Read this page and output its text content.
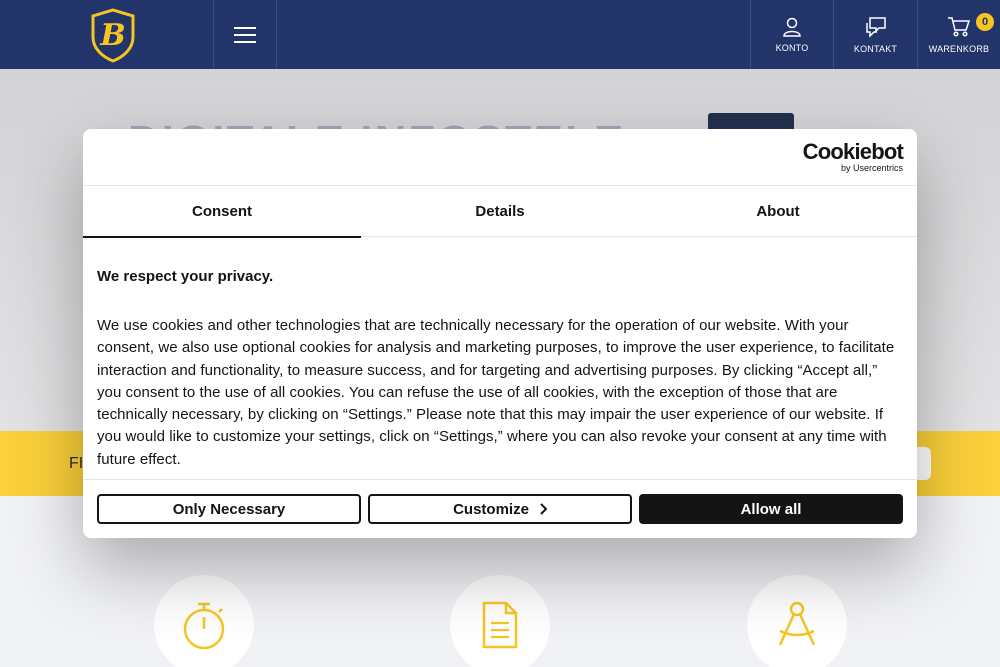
B	KONTO	KONTAKT	WARENKORB
0
FI
Cookiebot
by Usercentrics
Consent	Details	About
We respect your privacy.
We use cookies and other technologies that are technically necessary for the operation of our website. With your consent, we also use optional cookies for analysis and marketing purposes, to improve the user experience, to facilitate interaction and functionality, to measure success, and for targeting and advertising purposes. By clicking “Accept all,” you consent to the use of all cookies. You can refuse the use of all cookies, with the exception of those that are technically necessary, by clicking on “Settings.” Please note that this may impair the user experience of our website. If you would like to customize your settings, click on “Settings,” where you can also revoke your consent at any time with future effect.
Only Necessary	Customize	Allow all
